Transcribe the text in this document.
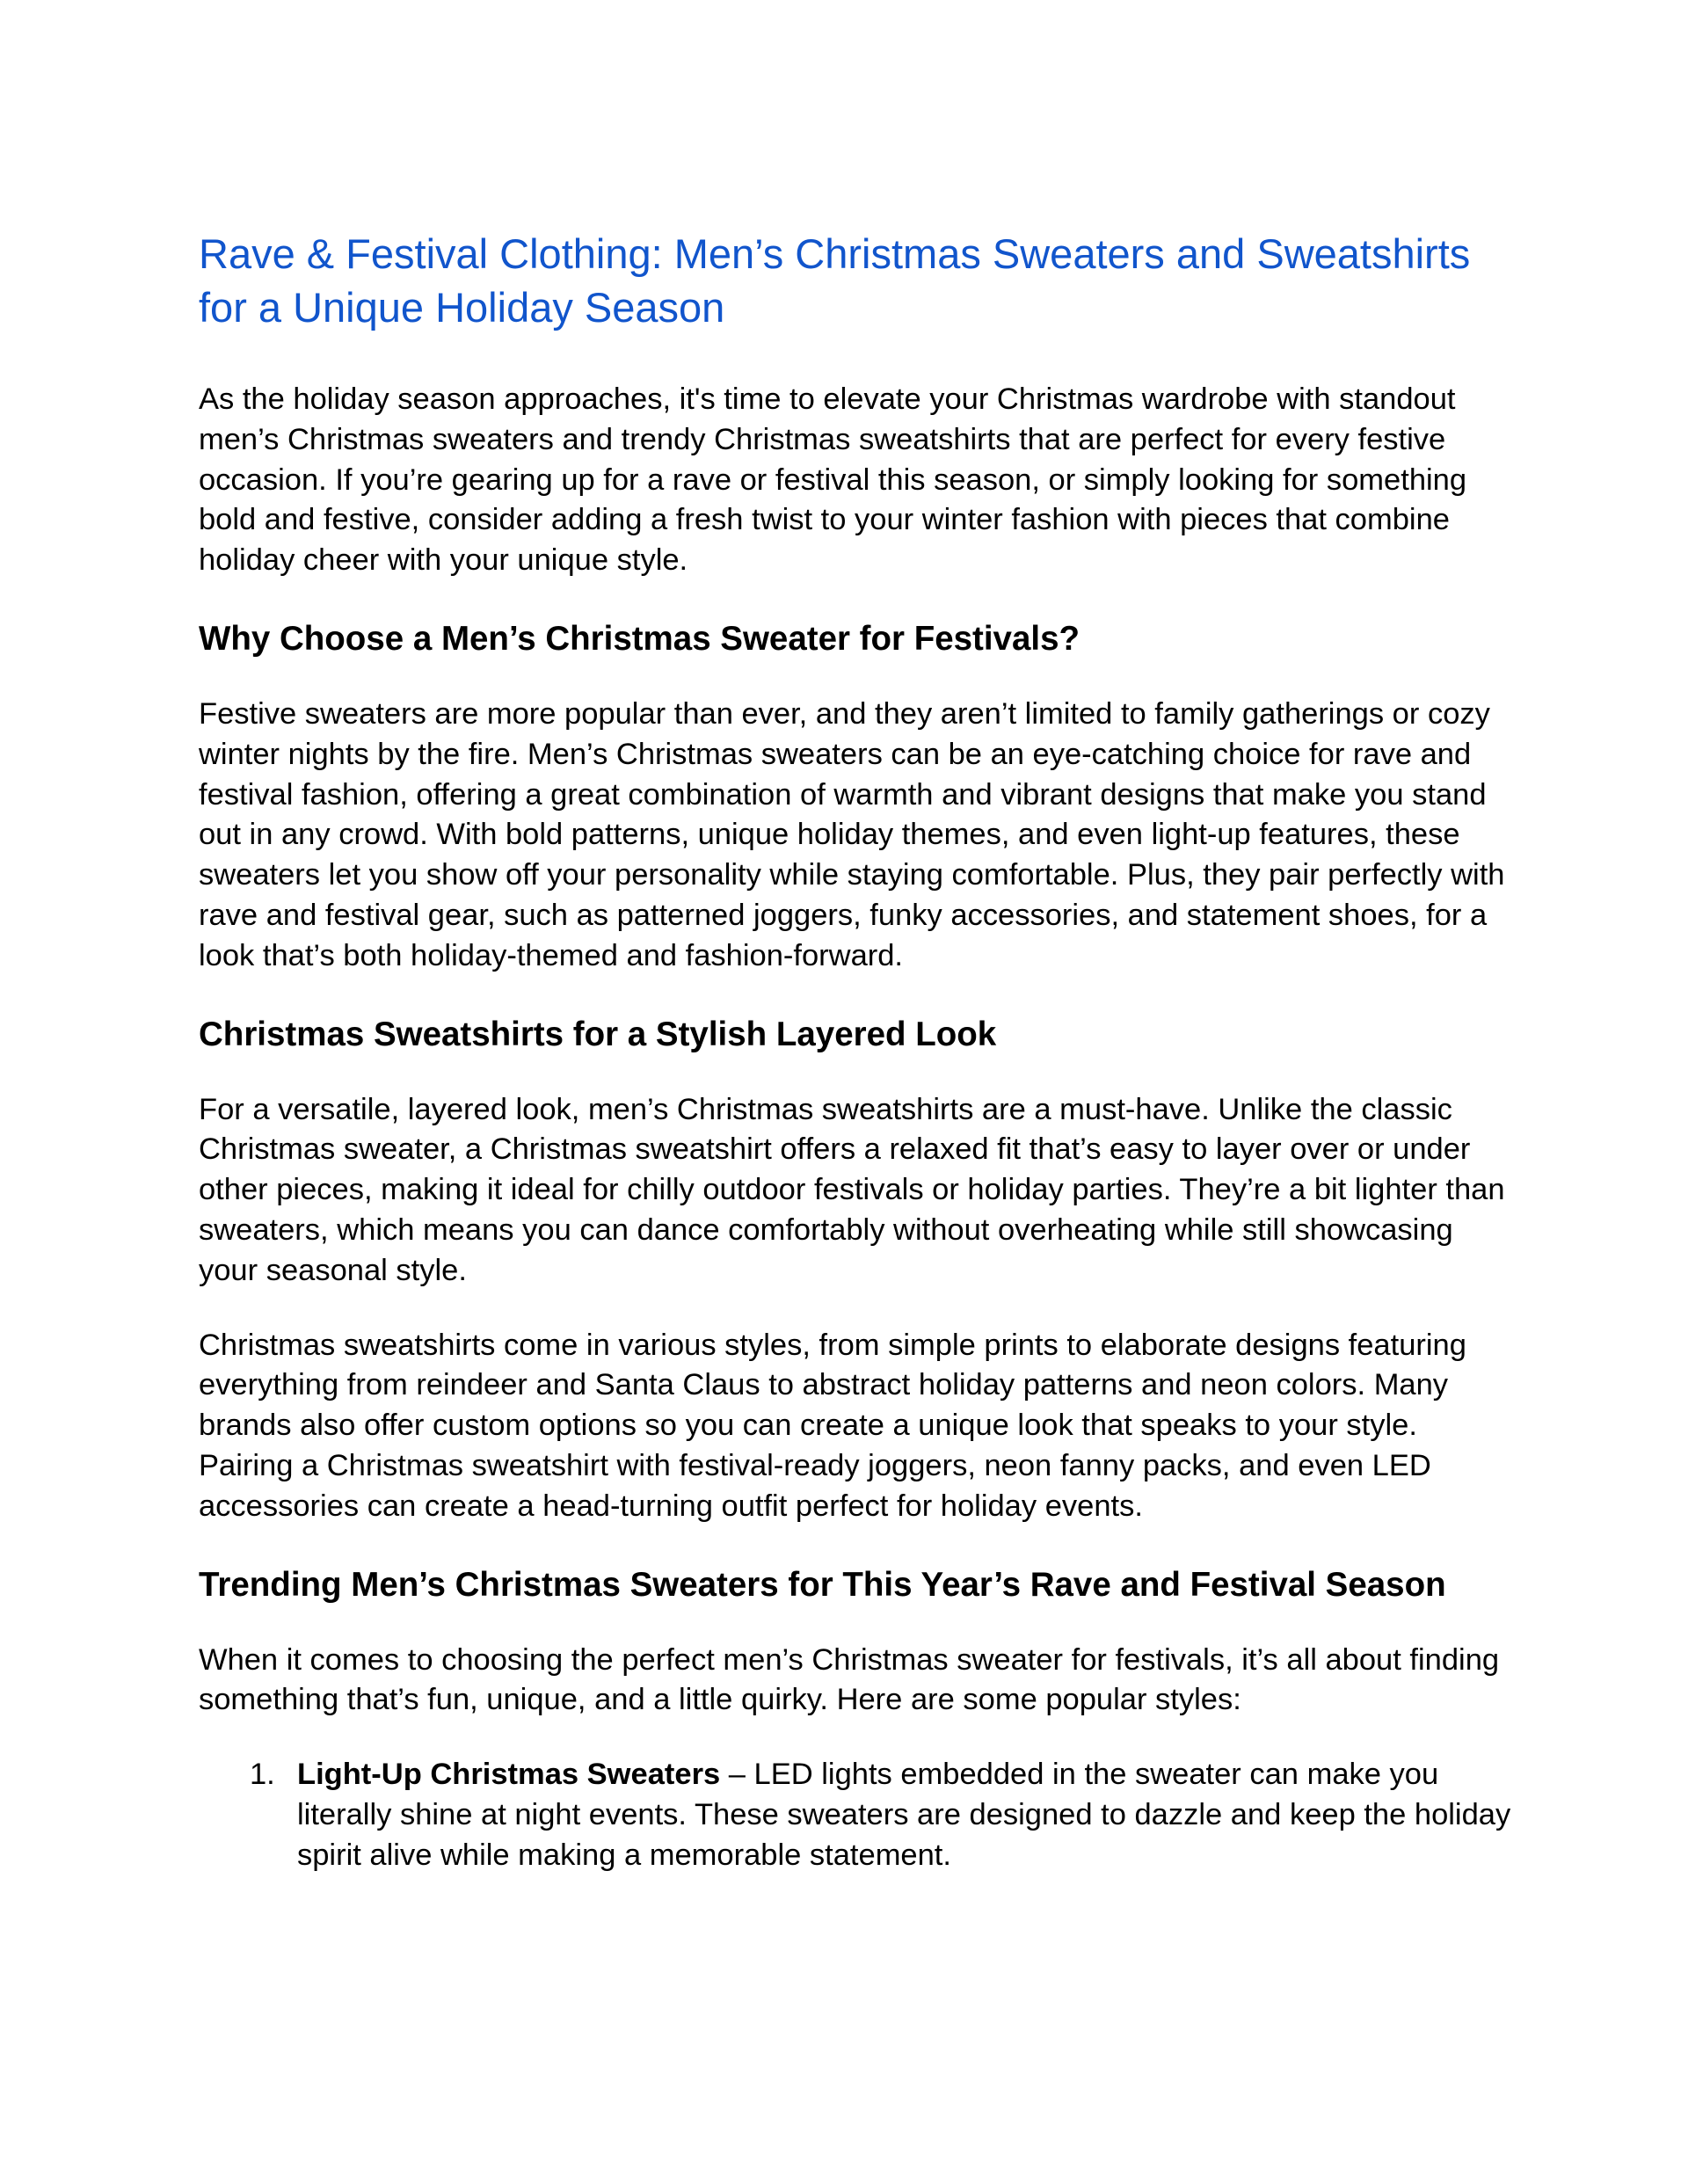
Rave & Festival Clothing: Men’s Christmas Sweaters and Sweatshirts for a Unique Holiday Season

As the holiday season approaches, it's time to elevate your Christmas wardrobe with standout men’s Christmas sweaters and trendy Christmas sweatshirts that are perfect for every festive occasion. If you’re gearing up for a rave or festival this season, or simply looking for something bold and festive, consider adding a fresh twist to your winter fashion with pieces that combine holiday cheer with your unique style.

Why Choose a Men’s Christmas Sweater for Festivals?

Festive sweaters are more popular than ever, and they aren’t limited to family gatherings or cozy winter nights by the fire. Men’s Christmas sweaters can be an eye-catching choice for rave and festival fashion, offering a great combination of warmth and vibrant designs that make you stand out in any crowd. With bold patterns, unique holiday themes, and even light-up features, these sweaters let you show off your personality while staying comfortable. Plus, they pair perfectly with rave and festival gear, such as patterned joggers, funky accessories, and statement shoes, for a look that’s both holiday-themed and fashion-forward.

Christmas Sweatshirts for a Stylish Layered Look

For a versatile, layered look, men’s Christmas sweatshirts are a must-have. Unlike the classic Christmas sweater, a Christmas sweatshirt offers a relaxed fit that’s easy to layer over or under other pieces, making it ideal for chilly outdoor festivals or holiday parties. They’re a bit lighter than sweaters, which means you can dance comfortably without overheating while still showcasing your seasonal style.

Christmas sweatshirts come in various styles, from simple prints to elaborate designs featuring everything from reindeer and Santa Claus to abstract holiday patterns and neon colors. Many brands also offer custom options so you can create a unique look that speaks to your style. Pairing a Christmas sweatshirt with festival-ready joggers, neon fanny packs, and even LED accessories can create a head-turning outfit perfect for holiday events.

Trending Men’s Christmas Sweaters for This Year’s Rave and Festival Season

When it comes to choosing the perfect men’s Christmas sweater for festivals, it’s all about finding something that’s fun, unique, and a little quirky. Here are some popular styles:

1. Light-Up Christmas Sweaters – LED lights embedded in the sweater can make you literally shine at night events. These sweaters are designed to dazzle and keep the holiday spirit alive while making a memorable statement.
